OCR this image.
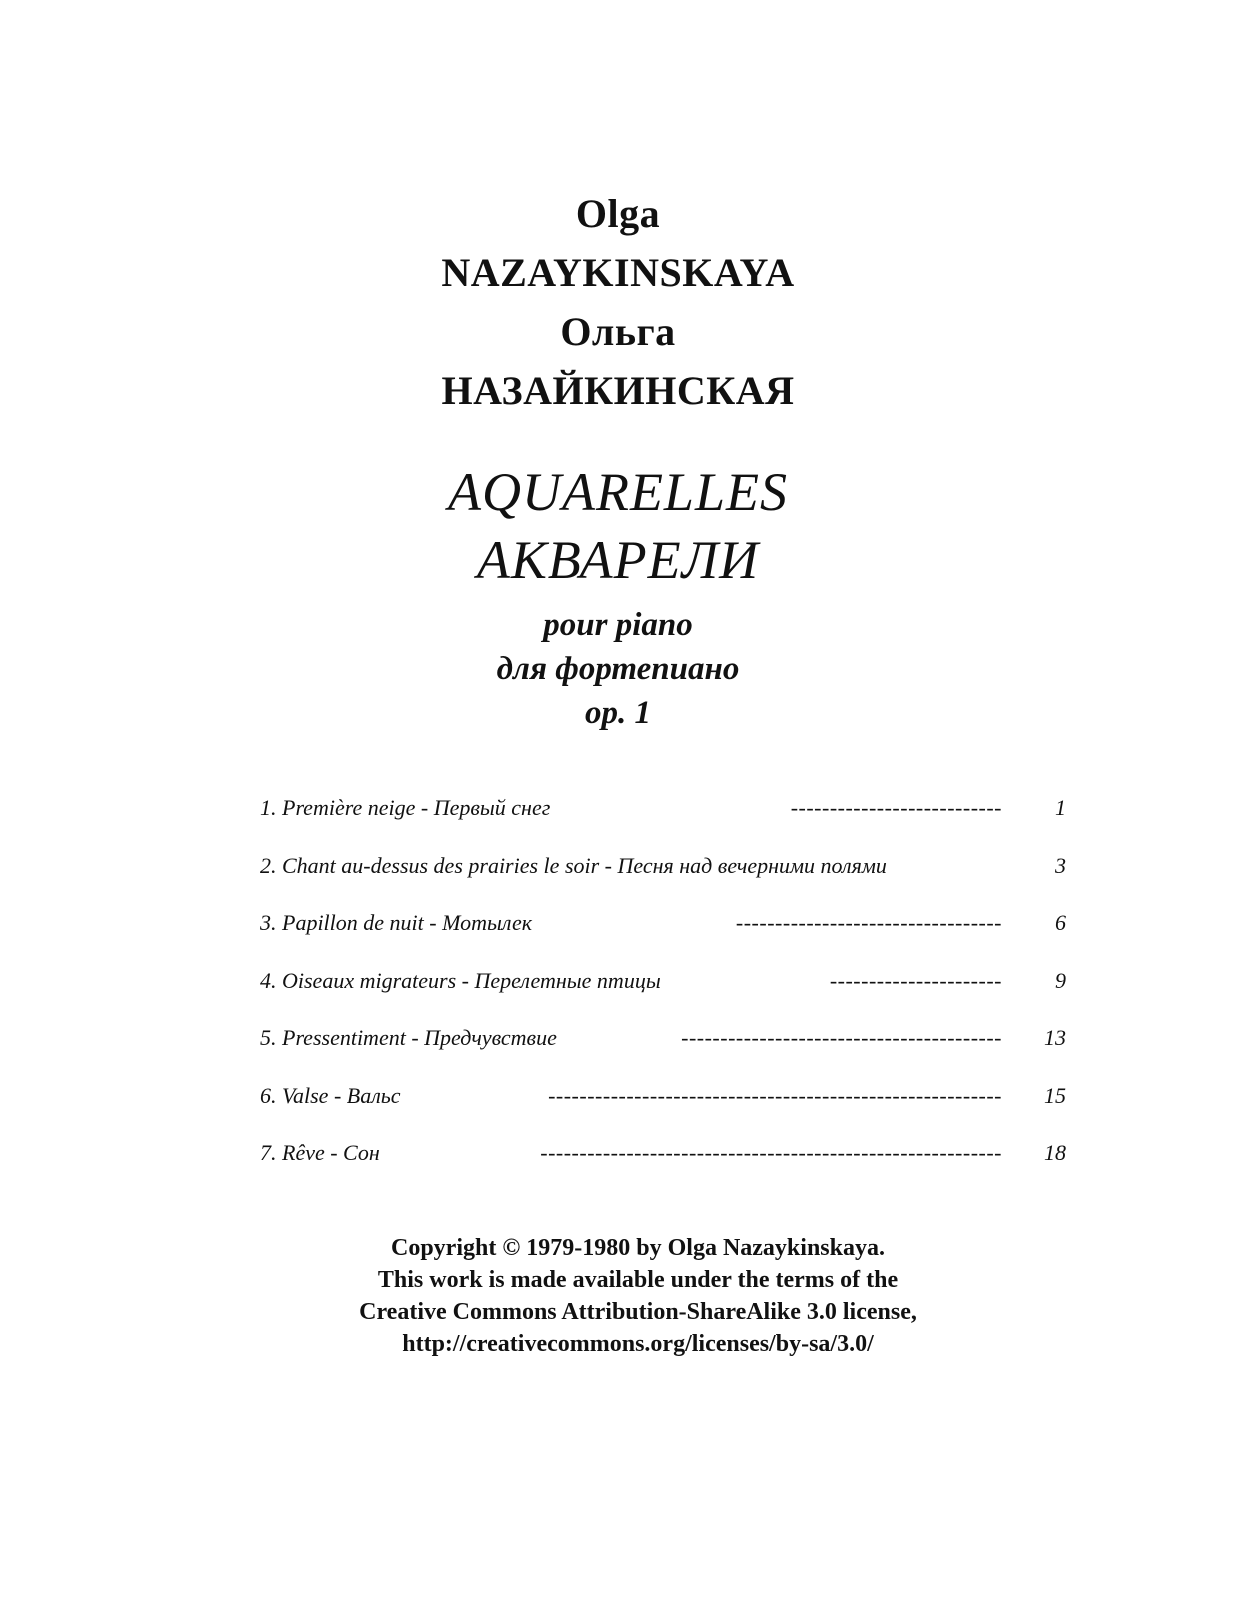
Olga
NAZAYKINSKAYA
Ольга
НАЗАЙКИНСКАЯ
AQUARELLES
АКВАРЕЛИ
pour piano
для фортепиано
op. 1
1. Première neige - Первый снег	---------------------------	1
2. Chant au-dessus des prairies le soir - Песня над вечерними полями	3
3. Papillon de nuit - Мотылек	----------------------------------	6
4. Oiseaux migrateurs - Перелетные птицы	----------------------	9
5. Pressentiment - Предчувствие	-----------------------------------------	13
6. Valse - Вальс	----------------------------------------------------------	15
7. Rêve - Сон	-----------------------------------------------------------	18
Copyright © 1979-1980 by Olga Nazaykinskaya.
This work is made available under the terms of the
Creative Commons Attribution-ShareAlike 3.0 license,
http://creativecommons.org/licenses/by-sa/3.0/
